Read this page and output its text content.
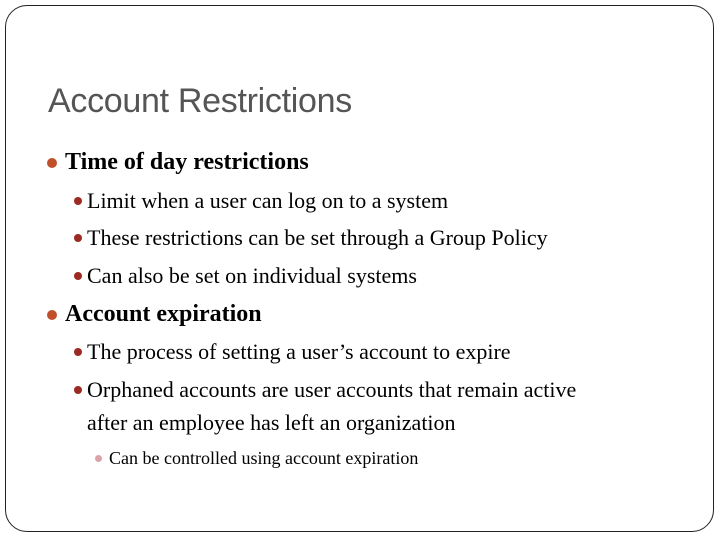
Account Restrictions
Time of day restrictions
Limit when a user can log on to a system
These restrictions can be set through a Group Policy
Can also be set on individual systems
Account expiration
The process of setting a user’s account to expire
Orphaned accounts are user accounts that remain active
after an employee has left an organization
Can be controlled using account expiration
